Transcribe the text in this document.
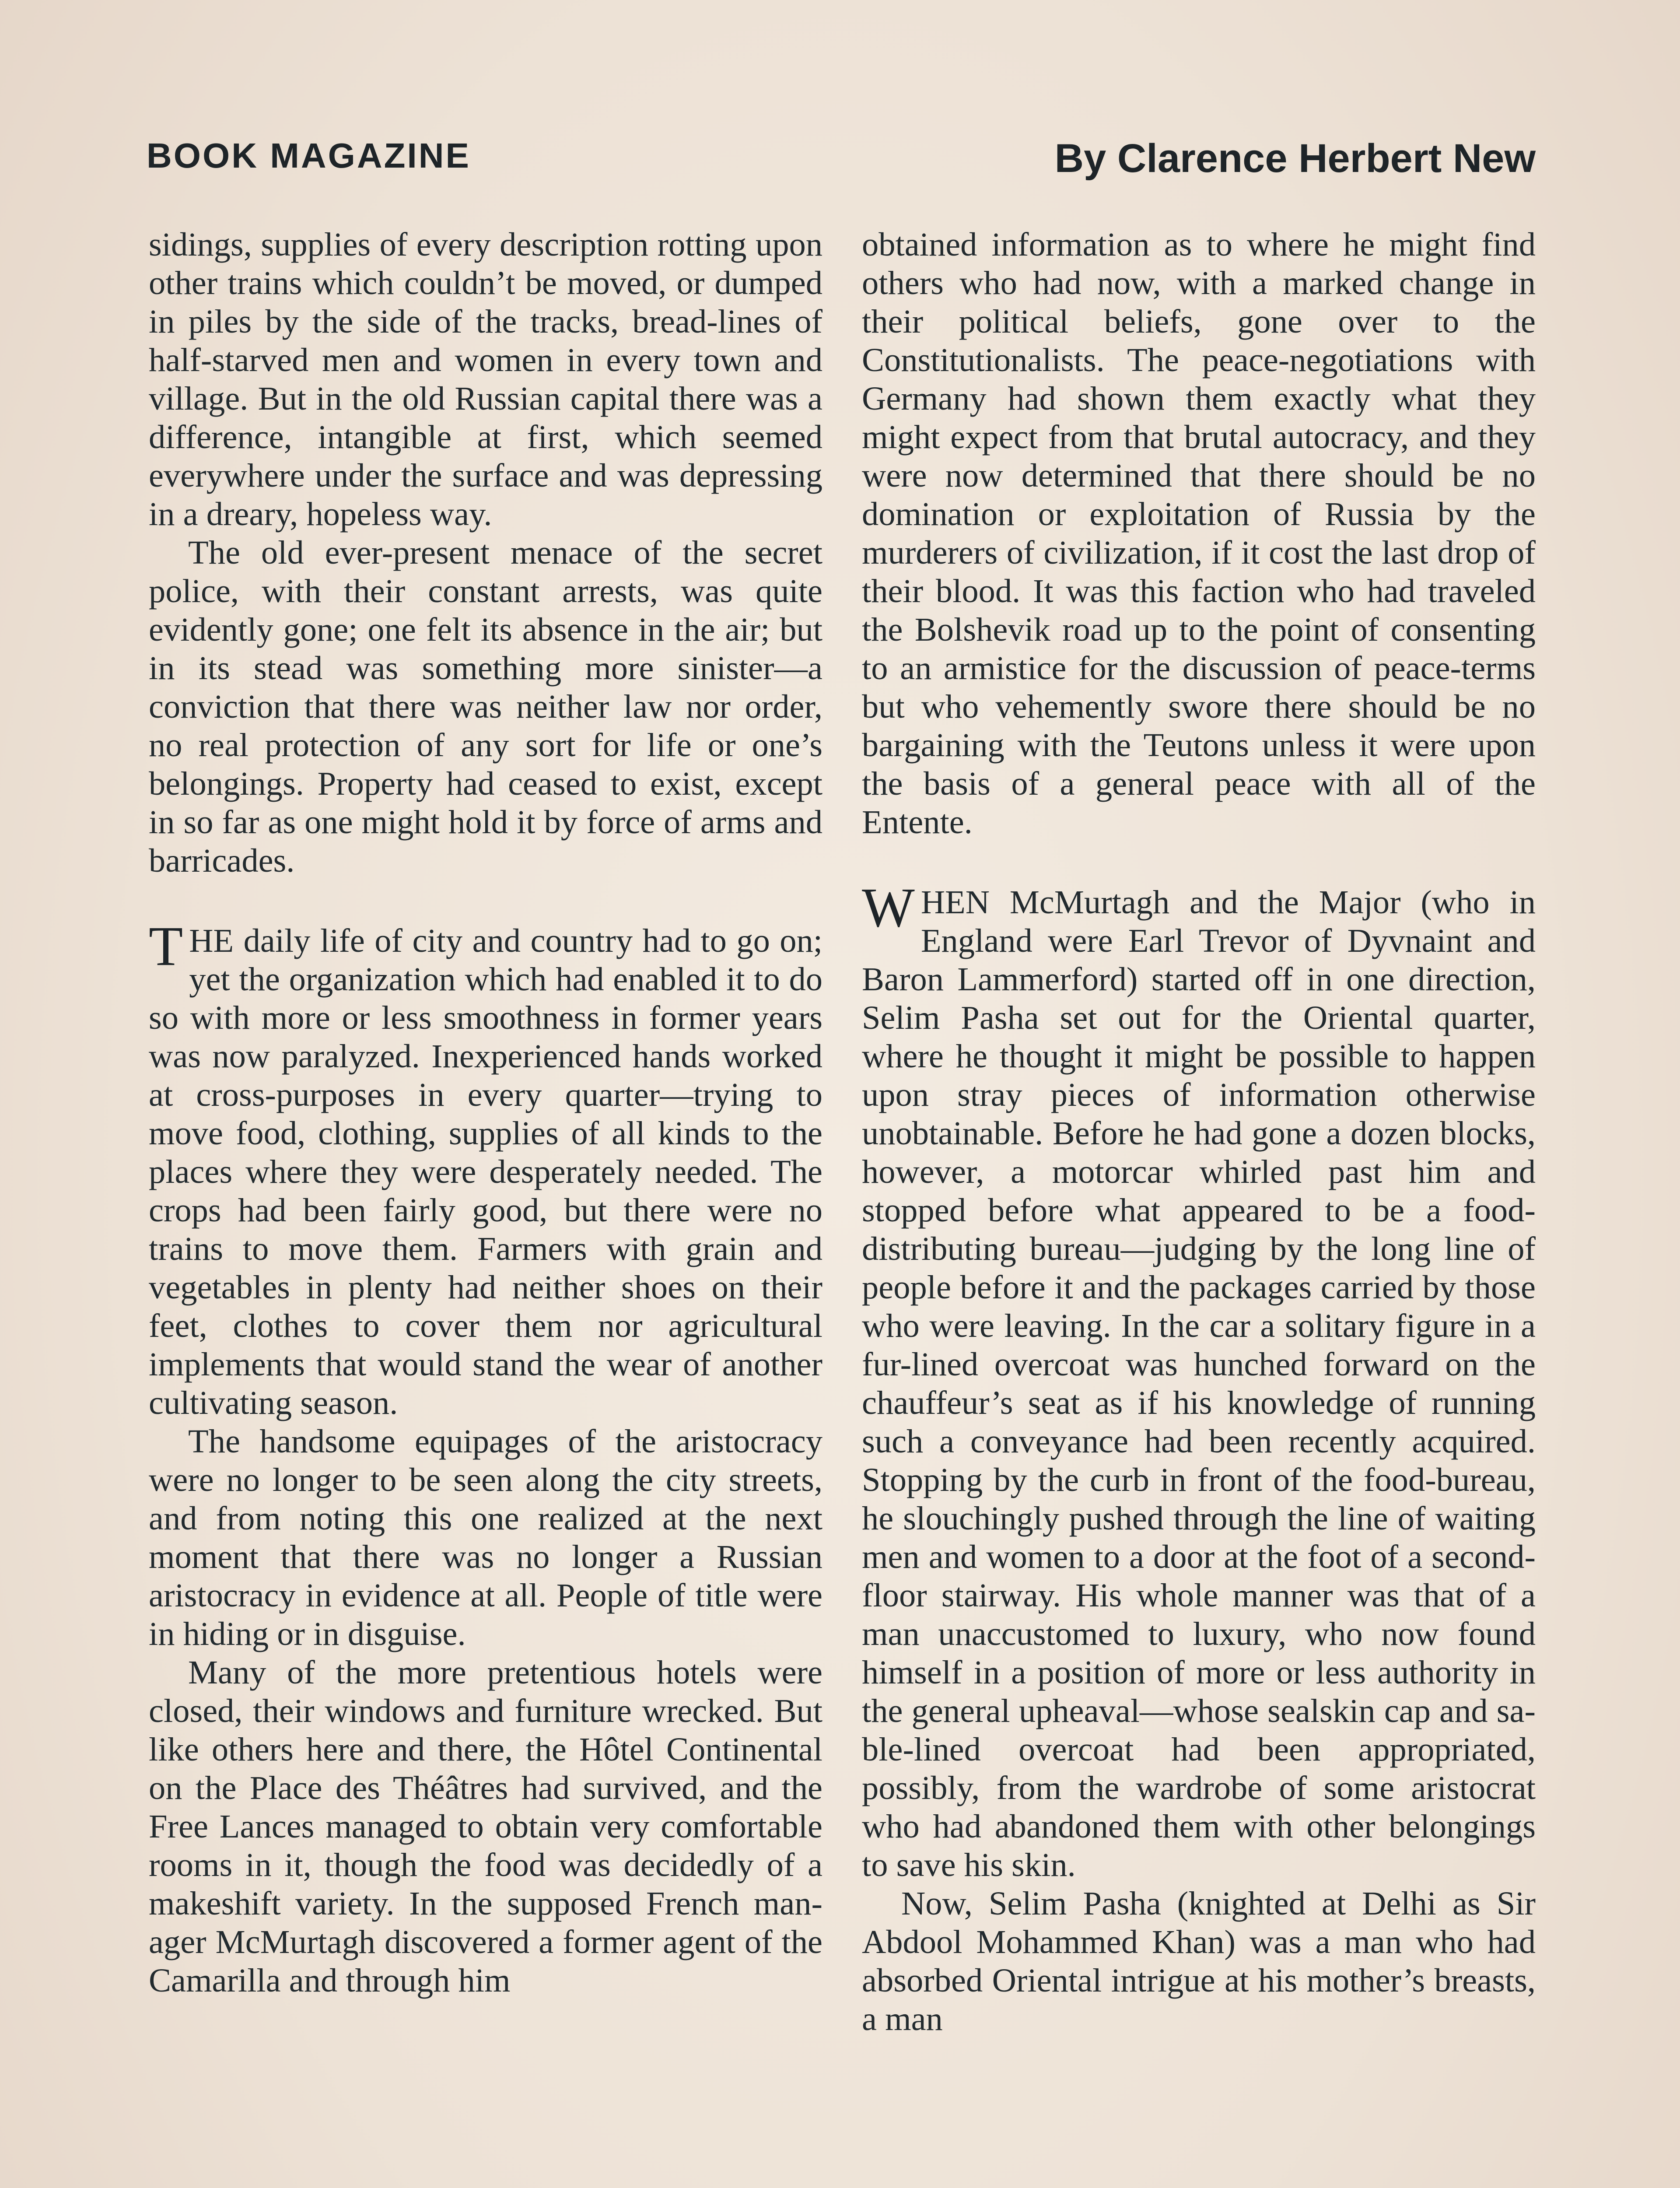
BOOK MAGAZINE	By Clarence Herbert New

sidings, supplies of every description rotting upon other trains which couldn’t be moved, or dumped in piles by the side of the tracks, bread-lines of half-starved men and women in every town and village. But in the old Russian capital there was a difference, intangible at first, which seemed everywhere under the surface and was depressing in a dreary, hopeless way.

The old ever-present menace of the secret police, with their constant arrests, was quite evidently gone; one felt its absence in the air; but in its stead was something more sinister—a conviction that there was neither law nor order, no real protection of any sort for life or one’s belongings. Property had ceased to exist, except in so far as one might hold it by force of arms and barricades.

THE daily life of city and country had to go on; yet the organization which had enabled it to do so with more or less smoothness in former years was now paralyzed. Inexperienced hands worked at cross-purposes in every quarter—trying to move food, clothing, supplies of all kinds to the places where they were desperately needed. The crops had been fairly good, but there were no trains to move them. Farmers with grain and vegetables in plenty had neither shoes on their feet, clothes to cover them nor agricultural implements that would stand the wear of another cultivating season.

The handsome equipages of the aristocracy were no longer to be seen along the city streets, and from noting this one realized at the next moment that there was no longer a Russian aristocracy in evidence at all. People of title were in hiding or in disguise.

Many of the more pretentious hotels were closed, their windows and furniture wrecked. But like others here and there, the Hôtel Continental on the Place des Théâtres had survived, and the Free Lances managed to obtain very comfortable rooms in it, though the food was decidedly of a makeshift variety. In the supposed French manager McMurtagh discovered a former agent of the Camarilla and through him

obtained information as to where he might find others who had now, with a marked change in their political beliefs, gone over to the Constitutionalists. The peace-negotiations with Germany had shown them exactly what they might expect from that brutal autocracy, and they were now determined that there should be no domination or exploitation of Russia by the murderers of civilization, if it cost the last drop of their blood. It was this faction who had traveled the Bolshevik road up to the point of consenting to an armistice for the discussion of peace-terms but who vehemently swore there should be no bargaining with the Teutons unless it were upon the basis of a general peace with all of the Entente.

WHEN McMurtagh and the Major (who in England were Earl Trevor of Dyvnaint and Baron Lammerford) started off in one direction, Selim Pasha set out for the Oriental quarter, where he thought it might be possible to happen upon stray pieces of information otherwise unobtainable. Before he had gone a dozen blocks, however, a motorcar whirled past him and stopped before what appeared to be a food-distributing bureau—judging by the long line of people before it and the packages carried by those who were leaving. In the car a solitary figure in a fur-lined overcoat was hunched forward on the chauffeur’s seat as if his knowledge of running such a conveyance had been recently acquired. Stopping by the curb in front of the food-bureau, he slouchingly pushed through the line of waiting men and women to a door at the foot of a second-floor stairway. His whole manner was that of a man unaccustomed to luxury, who now found himself in a position of more or less authority in the general upheaval—whose sealskin cap and sable-lined overcoat had been appropriated, possibly, from the wardrobe of some aristocrat who had abandoned them with other belongings to save his skin.

Now, Selim Pasha (knighted at Delhi as Sir Abdool Mohammed Khan) was a man who had absorbed Oriental intrigue at his mother’s breasts, a man
